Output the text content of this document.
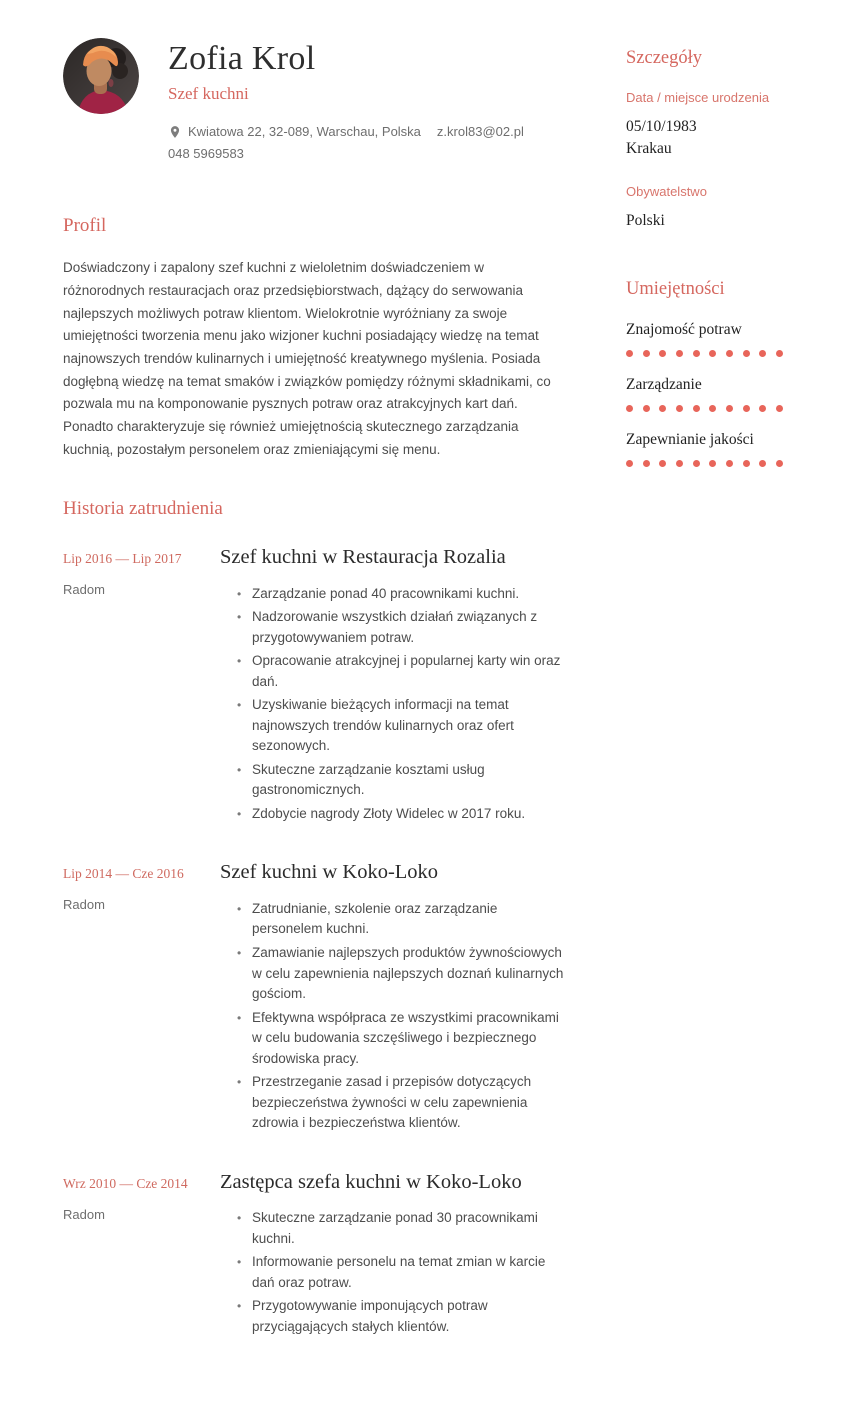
Zofia Krol
Szef kuchni
Kwiatowa 22, 32-089, Warschau, Polska z.krol83@02.pl
048 5969583
Profil

Doświadczony i zapalony szef kuchni z wieloletnim doświadczeniem w różnorodnych restauracjach oraz przedsiębiorstwach, dążący do serwowania najlepszych możliwych potraw klientom. Wielokrotnie wyróżniany za swoje umiejętności tworzenia menu jako wizjoner kuchni posiadający wiedzę na temat najnowszych trendów kulinarnych i umiejętność kreatywnego myślenia. Posiada dogłębną wiedzę na temat smaków i związków pomiędzy różnymi składnikami, co pozwala mu na komponowanie pysznych potraw oraz atrakcyjnych kart dań. Ponadto charakteryzuje się również umiejętnością skutecznego zarządzania kuchnią, pozostałym personelem oraz zmieniającymi się menu.

Historia zatrudnienia
Lip 2016 — Lip 2017
Radom
Szef kuchni w Restauracja Rozalia
• Zarządzanie ponad 40 pracownikami kuchni.
• Nadzorowanie wszystkich działań związanych z przygotowywaniem potraw.
• Opracowanie atrakcyjnej i popularnej karty win oraz dań.
• Uzyskiwanie bieżących informacji na temat najnowszych trendów kulinarnych oraz ofert sezonowych.
• Skuteczne zarządzanie kosztami usług gastronomicznych.
• Zdobycie nagrody Złoty Widelec w 2017 roku.
Lip 2014 — Cze 2016
Radom
Szef kuchni w Koko-Loko
• Zatrudnianie, szkolenie oraz zarządzanie personelem kuchni.
• Zamawianie najlepszych produktów żywnościowych w celu zapewnienia najlepszych doznań kulinarnych gościom.
• Efektywna współpraca ze wszystkimi pracownikami w celu budowania szczęśliwego i bezpiecznego środowiska pracy.
• Przestrzeganie zasad i przepisów dotyczących bezpieczeństwa żywności w celu zapewnienia zdrowia i bezpieczeństwa klientów.
Wrz 2010 — Cze 2014
Radom
Zastępca szefa kuchni w Koko-Loko
• Skuteczne zarządzanie ponad 30 pracownikami kuchni.
• Informowanie personelu na temat zmian w karcie dań oraz potraw.
• Przygotowywanie imponujących potraw przyciągających stałych klientów.
Szczegóły
Data / miejsce urodzenia
05/10/1983
Krakau
Obywatelstwo
Polski
Umiejętności
Znajomość potraw
Zarządzanie
Zapewnianie jakości
